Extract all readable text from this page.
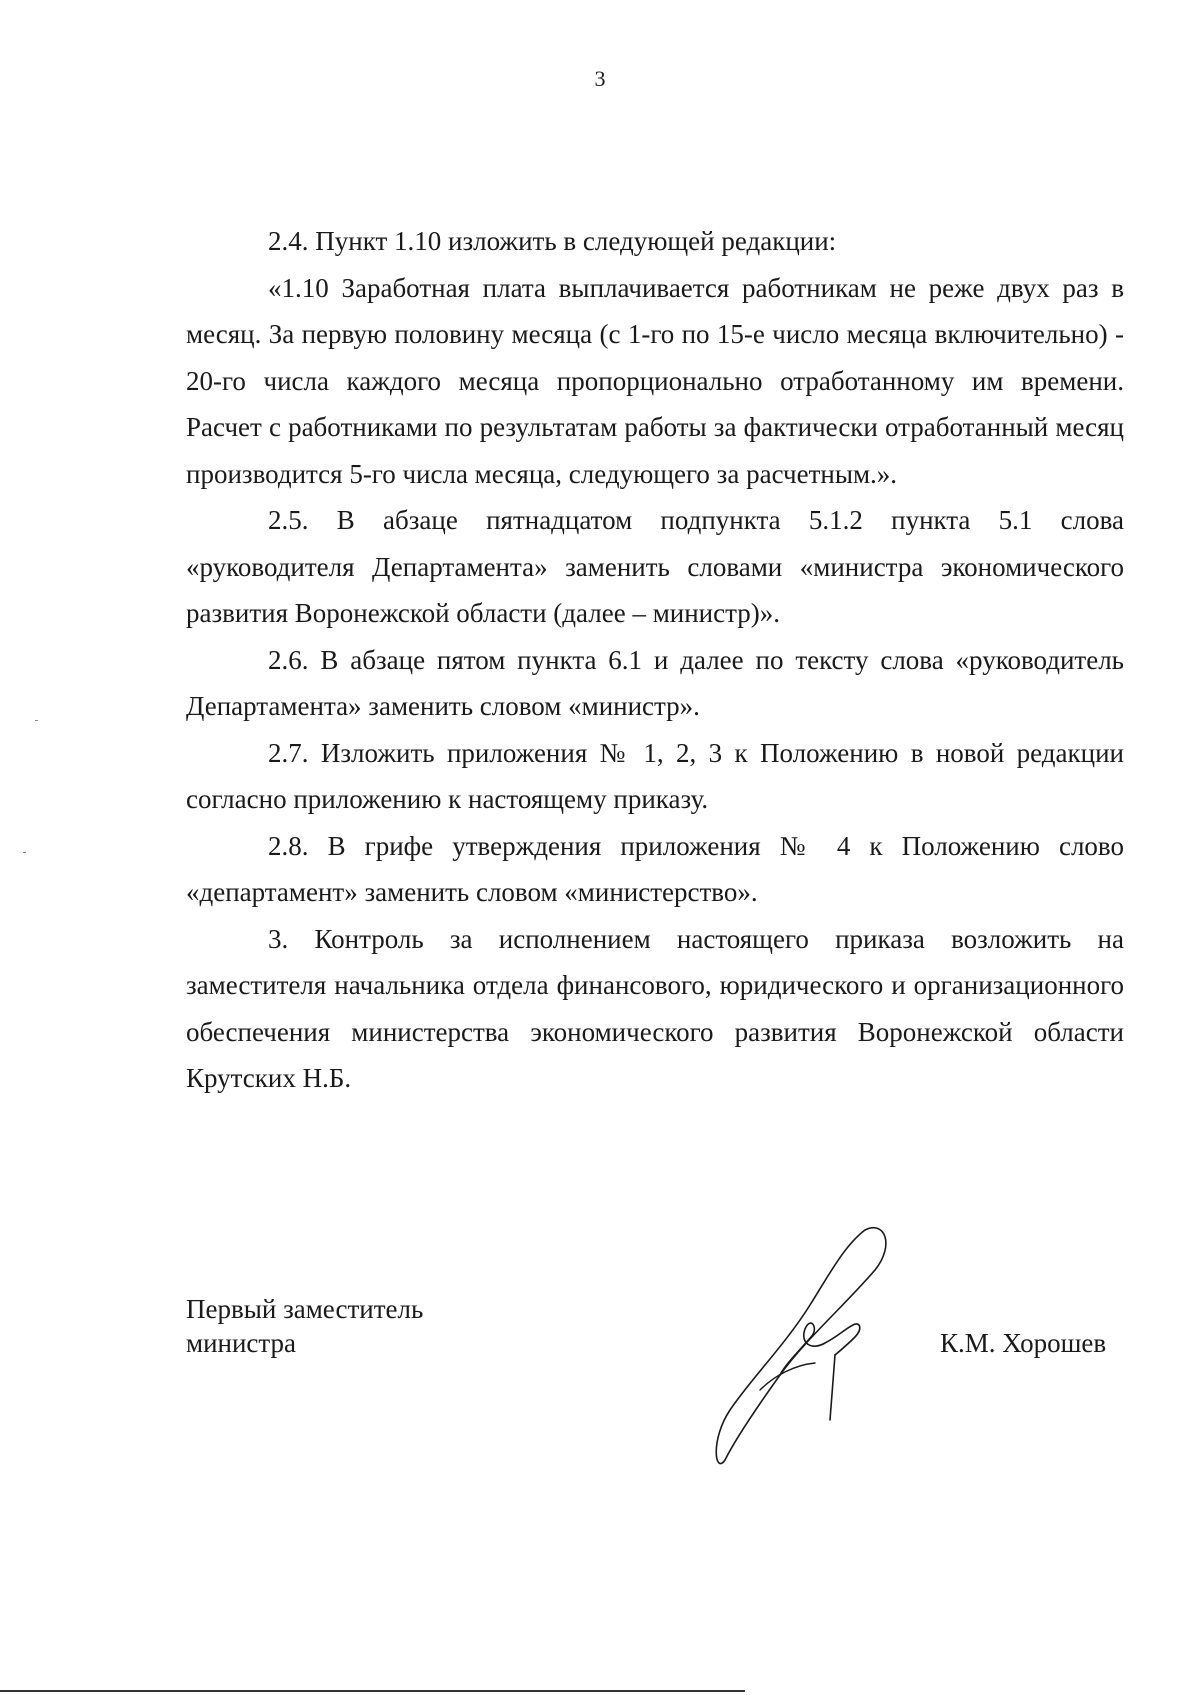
3

2.4. Пункт 1.10 изложить в следующей редакции:

«1.10 Заработная плата выплачивается работникам не реже двух раз в месяц. За первую половину месяца (с 1-го по 15-е число месяца включительно) - 20-го числа каждого месяца пропорционально отработанному им времени. Расчет с работниками по результатам работы за фактически отработанный месяц производится 5-го числа месяца, следующего за расчетным.».

2.5. В абзаце пятнадцатом подпункта 5.1.2 пункта 5.1 слова «руководителя Департамента» заменить словами «министра экономического развития Воронежской области (далее – министр)».

2.6. В абзаце пятом пункта 6.1 и далее по тексту слова «руководитель Департамента» заменить словом «министр».

2.7. Изложить приложения № 1, 2, 3 к Положению в новой редакции согласно приложению к настоящему приказу.

2.8. В грифе утверждения приложения № 4 к Положению слово «департамент» заменить словом «министерство».

3. Контроль за исполнением настоящего приказа возложить на заместителя начальника отдела финансового, юридического и организационного обеспечения министерства экономического развития Воронежской области Крутских Н.Б.

Первый заместитель
министра	К.М. Хорошев
